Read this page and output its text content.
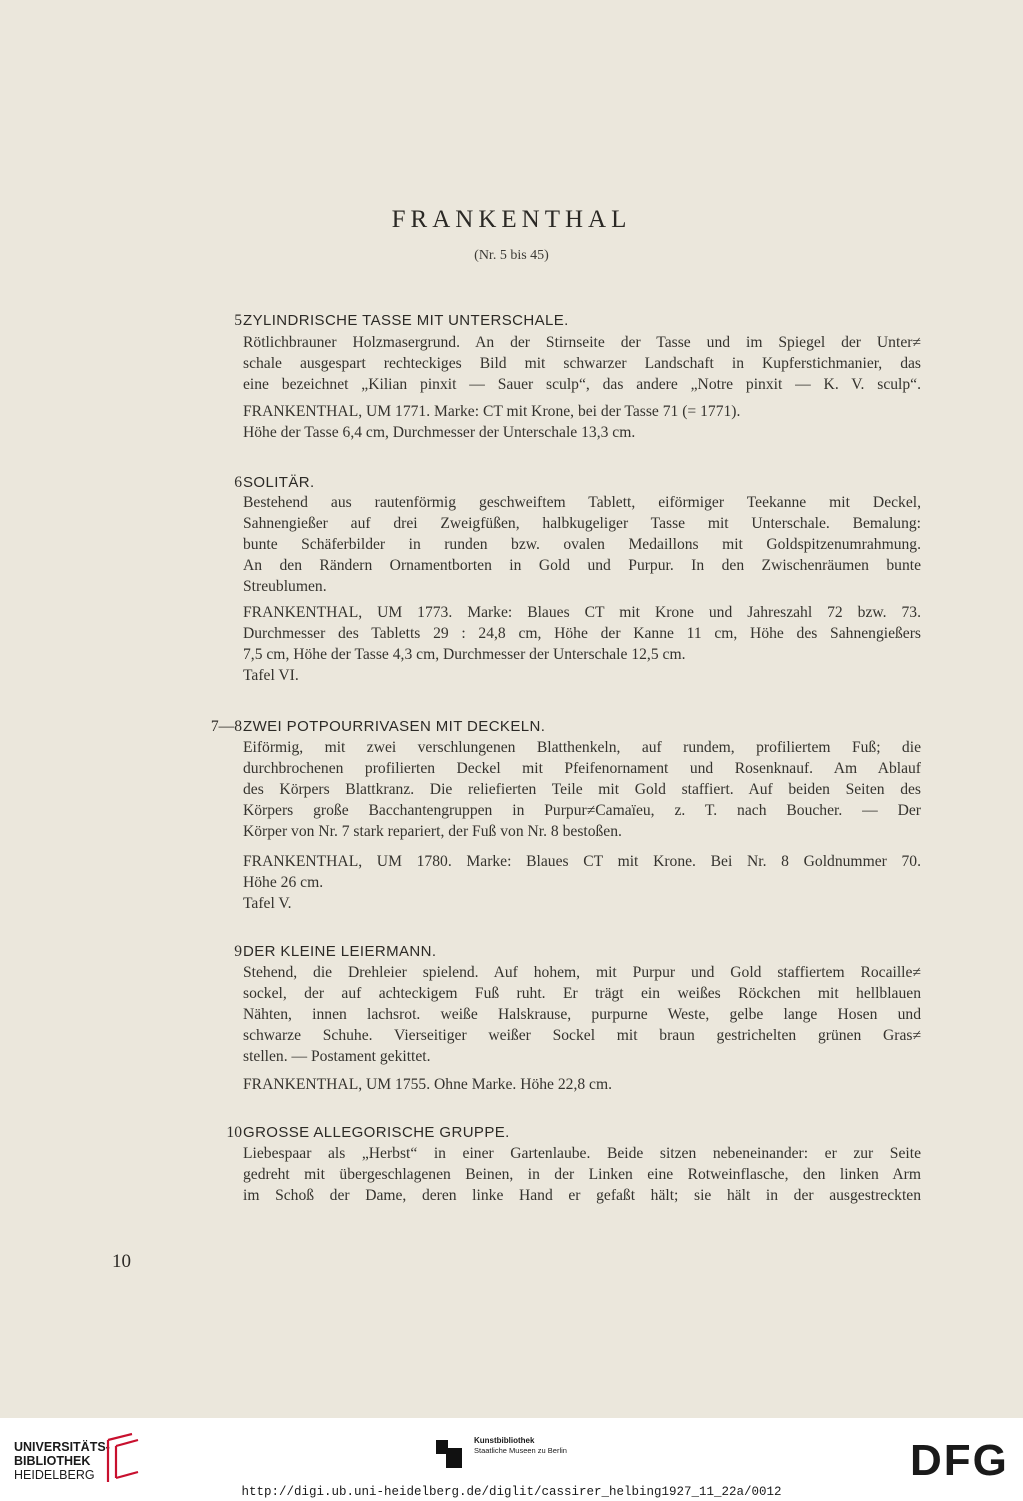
FRANKENTHAL
(Nr. 5 bis 45)
5 ZYLINDRISCHE TASSE MIT UNTERSCHALE.
Rötlichbrauner Holzmasergrund. An der Stirnseite der Tasse und im Spiegel der Unter≠
schale ausgespart rechteckiges Bild mit schwarzer Landschaft in Kupferstichmanier, das
eine bezeichnet „Kilian pinxit — Sauer sculp“, das andere „Notre pinxit — K. V. sculp“.
FRANKENTHAL, UM 1771. Marke: CT mit Krone, bei der Tasse 71 (= 1771).
Höhe der Tasse 6,4 cm, Durchmesser der Unterschale 13,3 cm.
6 SOLITÄR.
Bestehend aus rautenförmig geschweiftem Tablett, eiförmiger Teekanne mit Deckel,
Sahnengießer auf drei Zweigfüßen, halbkugeliger Tasse mit Unterschale. Bemalung:
bunte Schäferbilder in runden bzw. ovalen Medaillons mit Goldspitzenumrahmung.
An den Rändern Ornamentborten in Gold und Purpur. In den Zwischenräumen bunte
Streublumen.
FRANKENTHAL, UM 1773. Marke: Blaues CT mit Krone und Jahreszahl 72 bzw. 73.
Durchmesser des Tabletts 29 : 24,8 cm, Höhe der Kanne 11 cm, Höhe des Sahnengießers
7,5 cm, Höhe der Tasse 4,3 cm, Durchmesser der Unterschale 12,5 cm.
Tafel VI.
7—8 ZWEI POTPOURRIVASEN MIT DECKELN.
Eiförmig, mit zwei verschlungenen Blatthenkeln, auf rundem, profiliertem Fuß; die
durchbrochenen profilierten Deckel mit Pfeifenornament und Rosenknauf. Am Ablauf
des Körpers Blattkranz. Die reliefierten Teile mit Gold staffiert. Auf beiden Seiten des
Körpers große Bacchantengruppen in Purpur≠Camaïeu, z. T. nach Boucher. — Der
Körper von Nr. 7 stark repariert, der Fuß von Nr. 8 bestoßen.
FRANKENTHAL, UM 1780. Marke: Blaues CT mit Krone. Bei Nr. 8 Goldnummer 70.
Höhe 26 cm.
Tafel V.
9 DER KLEINE LEIERMANN.
Stehend, die Drehleier spielend. Auf hohem, mit Purpur und Gold staffiertem Rocaille≠
sockel, der auf achteckigem Fuß ruht. Er trägt ein weißes Röckchen mit hellblauen
Nähten, innen lachsrot. weiße Halskrause, purpurne Weste, gelbe lange Hosen und
schwarze Schuhe. Vierseitiger weißer Sockel mit braun gestrichelten grünen Gras≠
stellen. — Postament gekittet.
FRANKENTHAL, UM 1755. Ohne Marke. Höhe 22,8 cm.
10 GROSSE ALLEGORISCHE GRUPPE.
Liebespaar als „Herbst“ in einer Gartenlaube. Beide sitzen nebeneinander: er zur Seite
gedreht mit übergeschlagenen Beinen, in der Linken eine Rotweinflasche, den linken Arm
im Schoß der Dame, deren linke Hand er gefaßt hält; sie hält in der ausgestreckten
10
UNIVERSITÄTS-
BIBLIOTHEK
HEIDELBERG
Kunstbibliothek
Staatliche Museen zu Berlin	DFG
http://digi.ub.uni-heidelberg.de/diglit/cassirer_helbing1927_11_22a/0012
